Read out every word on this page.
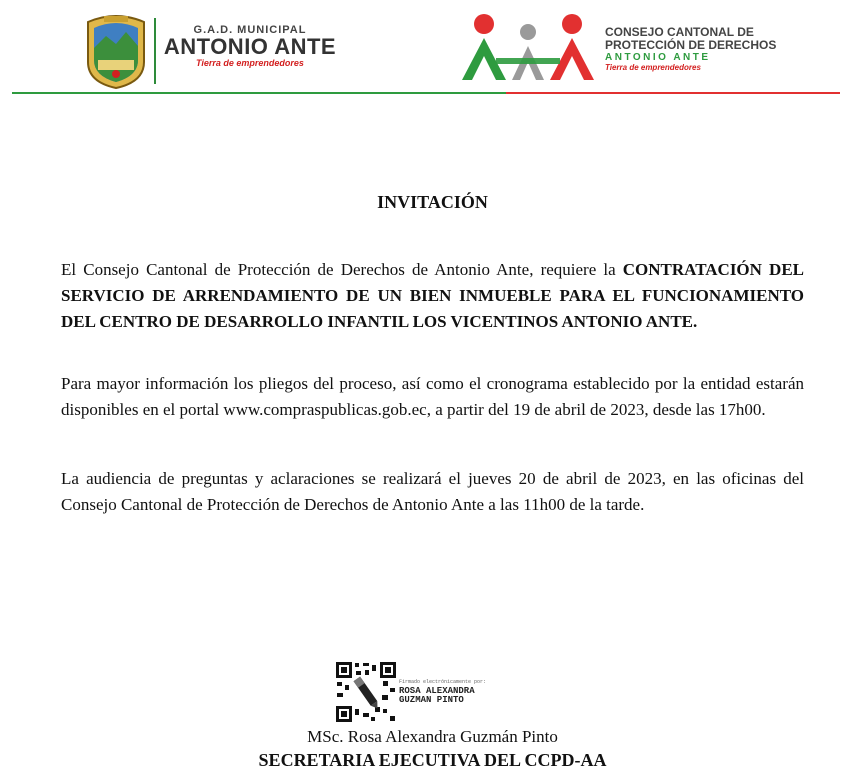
G.A.D. MUNICIPAL
ANTONIO ANTE
Tierra de emprendedores
CONSEJO CANTONAL DE
PROTECCIÓN DE DERECHOS
ANTONIO ANTE
Tierra de emprendedores
INVITACIÓN

El Consejo Cantonal de Protección de Derechos de Antonio Ante, requiere la CONTRATACIÓN DEL SERVICIO DE ARRENDAMIENTO DE UN BIEN INMUEBLE PARA EL FUNCIONAMIENTO DEL CENTRO DE DESARROLLO INFANTIL LOS VICENTINOS ANTONIO ANTE.

Para mayor información los pliegos del proceso, así como el cronograma establecido por la entidad estarán disponibles en el portal www.compraspublicas.gob.ec, a partir del 19 de abril de 2023, desde las 17h00.

La audiencia de preguntas y aclaraciones se realizará el jueves 20 de abril de 2023, en las oficinas del Consejo Cantonal de Protección de Derechos de Antonio Ante a las 11h00 de la tarde.

Firmado electrónicamente por:
ROSA ALEXANDRA
GUZMAN PINTO
MSc. Rosa Alexandra Guzmán Pinto
SECRETARIA EJECUTIVA DEL CCPD-AA
